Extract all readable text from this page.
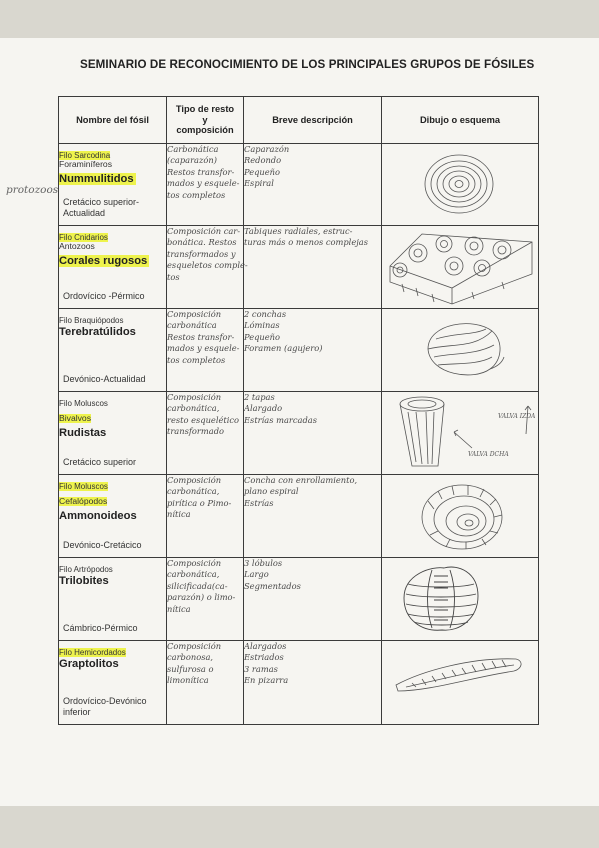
SEMINARIO DE RECONOCIMIENTO DE LOS PRINCIPALES GRUPOS DE FÓSILES
protozoos
Nombre del fósil	Tipo de resto y composición	Breve descripción	Dibujo o esquema

Filo Sarcodina
Foraminíferos
Nummulitidos
Cretácico superior-Actualidad	Carbonática
(caparazón)
Restos transfor-
mados y esquele-
tos completos	Caparazón
Redondo
Pequeño
Espiral

Filo Cnidarios
Antozoos
Corales rugosos
Ordovícico -Pérmico	Composición car-
bonática. Restos
transformados y
esqueletos comple-
tos	Tabiques radiales, estruc-
turas más o menos complejas

Filo Braquiópodos
Terebratúlidos
Devónico-Actualidad	Composición
carbonática
Restos transfor-
mados y esquele-
tos completos	2 conchas
Lóminas
Pequeño
Foramen (agujero)

Filo Moluscos
Bivalvos
Rudistas
Cretácico superior	Composición
carbonática,
resto esquelético
transformado	2 tapas
Alargado
Estrías marcadas	VALVA IZDA
VALVA DCHA

Filo Moluscos
Cefalópodos
Ammonoideos
Devónico-Cretácico	Composición
carbonática,
pirítica o Pimo-
nítica	Concha con enrollamiento,
plano espiral
Estrías

Filo Artrópodos
Trilobites
Cámbrico-Pérmico	Composición
carbonática,
silicificada(ca-
parazón) o limo-
nítica	3 lóbulos
Largo
Segmentados

Filo Hemicordados
Graptolitos
Ordovícico-Devónico inferior	Composición
carbonosa,
sulfurosa o
limonítica	Alargados
Estriados
3 ramas
En pizarra
